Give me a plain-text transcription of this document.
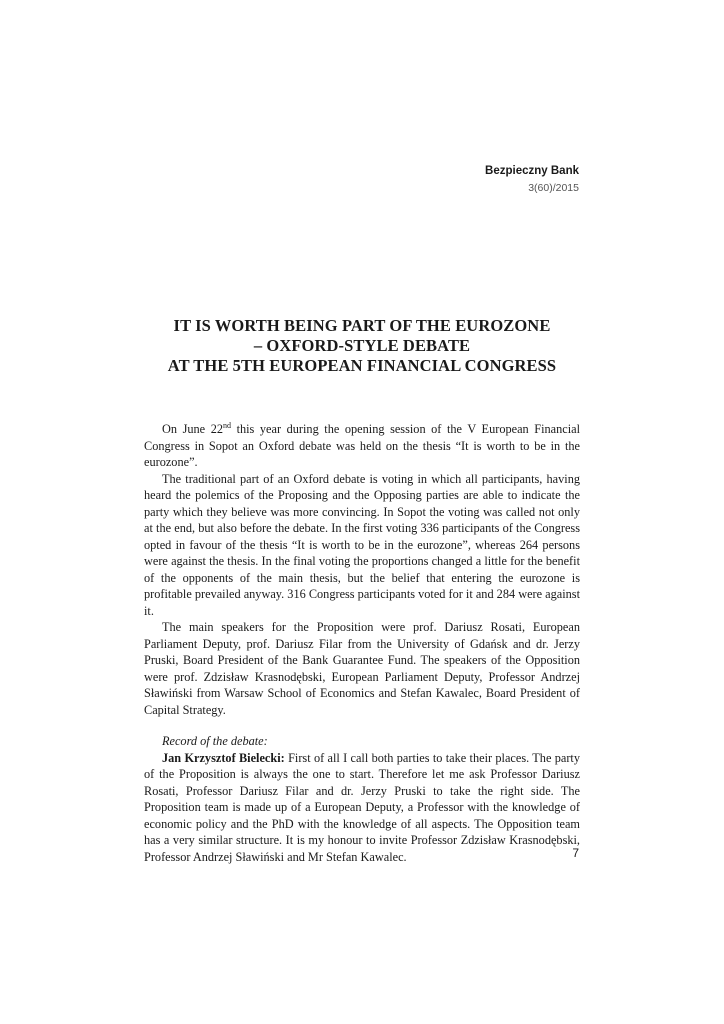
Bezpieczny Bank
3(60)/2015
IT IS WORTH BEING PART OF THE EUROZONE
– OXFORD-STYLE DEBATE
AT THE 5TH EUROPEAN FINANCIAL CONGRESS

On June 22nd this year during the opening session of the V European Financial Congress in Sopot an Oxford debate was held on the thesis “It is worth to be in the eurozone”.

The traditional part of an Oxford debate is voting in which all participants, having heard the polemics of the Proposing and the Opposing parties are able to indicate the party which they believe was more convincing. In Sopot the voting was called not only at the end, but also before the debate. In the first voting 336 participants of the Congress opted in favour of the thesis “It is worth to be in the eurozone”, whereas 264 persons were against the thesis. In the final voting the proportions changed a little for the benefit of the opponents of the main thesis, but the belief that entering the eurozone is profitable prevailed anyway. 316 Congress participants voted for it and 284 were against it.

The main speakers for the Proposition were prof. Dariusz Rosati, European Parliament Deputy, prof. Dariusz Filar from the University of Gdańsk and dr. Jerzy Pruski, Board President of the Bank Guarantee Fund. The speakers of the Opposition were prof. Zdzisław Krasnodębski, European Parliament Deputy, Professor Andrzej Sławiński from Warsaw School of Economics and Stefan Kawalec, Board President of Capital Strategy.

Record of the debate:

Jan Krzysztof Bielecki: First of all I call both parties to take their places. The party of the Proposition is always the one to start. Therefore let me ask Professor Dariusz Rosati, Professor Dariusz Filar and dr. Jerzy Pruski to take the right side. The Proposition team is made up of a European Deputy, a Professor with the knowledge of economic policy and the PhD with the knowledge of all aspects. The Opposition team has a very similar structure. It is my honour to invite Professor Zdzisław Krasnodębski, Professor Andrzej Sławiński and Mr Stefan Kawalec.	7
